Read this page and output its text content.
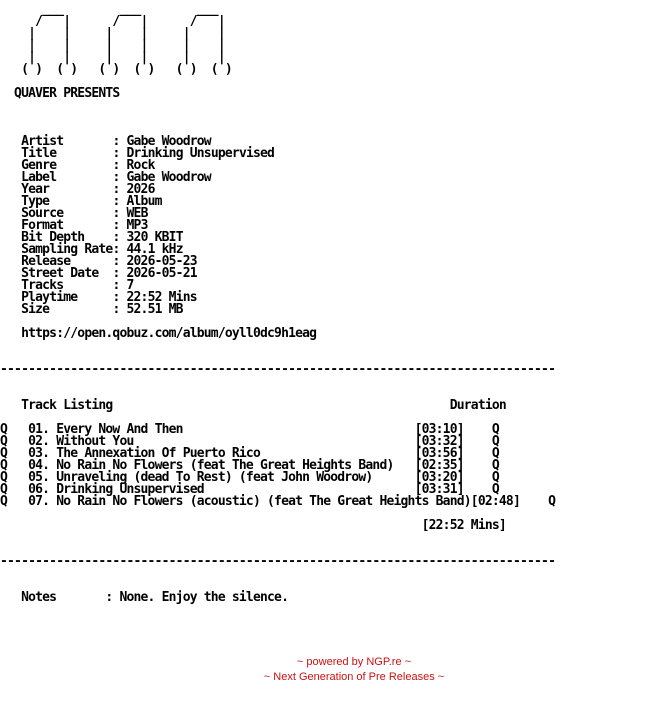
___        ___        ___
/   |      /   |      /   |
|    |     |    |     |    |
|    |     |    |     |    |
|    |     |    |     |    |
( )  ( )   ( )  ( )   ( )  ( )

QUAVER PRESENTS

Artist       : Gabe Woodrow
Title        : Drinking Unsupervised
Genre        : Rock
Label        : Gabe Woodrow
Year         : 2026
Type         : Album
Source       : WEB
Format       : MP3
Bit Depth    : 320 KBIT
Sampling Rate: 44.1 kHz
Release      : 2026-05-23
Street Date  : 2026-05-21
Tracks       : 7
Playtime     : 22:52 Mins
Size         : 52.51 MB

https://open.qobuz.com/album/oyll0dc9h1eag

-------------------------------------------------------------------------------

Track Listing                                                Duration

Q   01. Every Now And Then                                 [03:10]    Q
Q   02. Without You                                        [03:32]    Q
Q   03. The Annexation Of Puerto Rico                      [03:56]    Q
Q   04. No Rain No Flowers (feat The Great Heights Band)   [02:35]    Q
Q   05. Unraveling (dead To Rest) (feat John Woodrow)      [03:20]    Q
Q   06. Drinking Unsupervised                              [03:31]    Q
Q   07. No Rain No Flowers (acoustic) (feat The Great Heights Band)[02:48]    Q

[22:52 Mins]

-------------------------------------------------------------------------------

Notes       : None. Enjoy the silence.

~ powered by NGP.re ~
~ Next Generation of Pre Releases ~
